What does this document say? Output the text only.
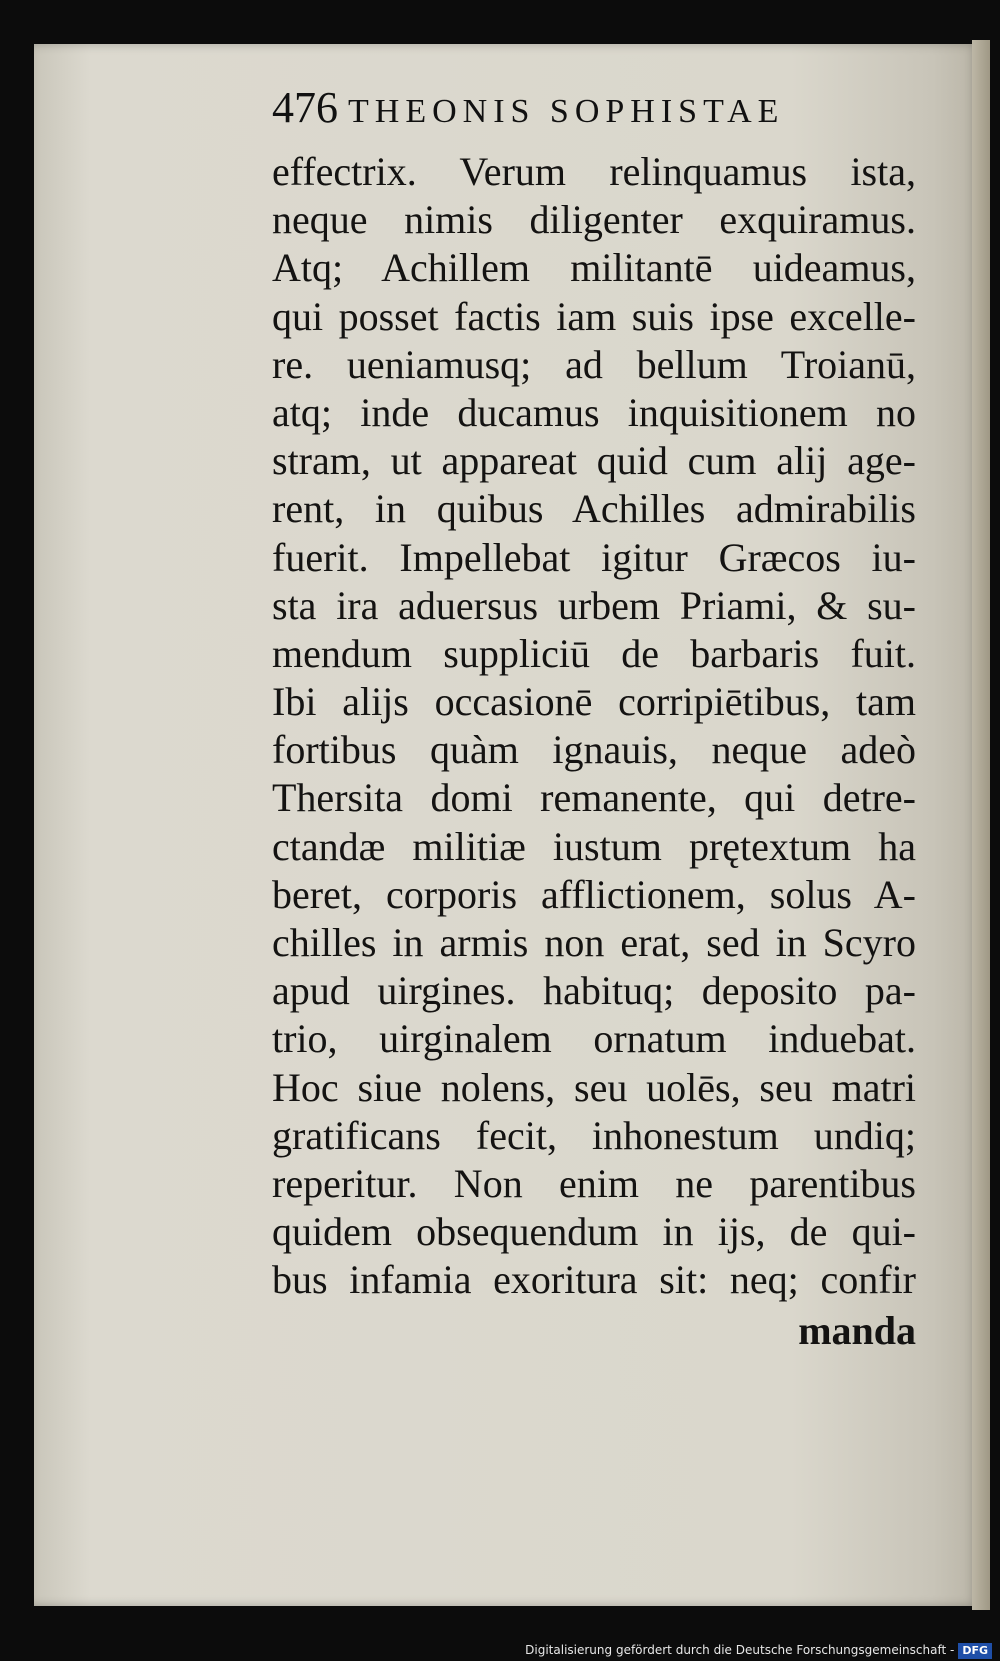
476 THEONIS SOPHISTAE
effectrix. Verum relinquamus ista,
neque nimis diligenter exquiramus.
Atq; Achillem militantē uideamus,
qui posset factis iam suis ipse excelle-
re. ueniamusq; ad bellum Troianū,
atq; inde ducamus inquisitionem no
stram, ut appareat quid cum alij age-
rent, in quibus Achilles admirabilis
fuerit. Impellebat igitur Græcos iu-
sta ira aduersus urbem Priami, & su-
mendum suppliciū de barbaris fuit.
Ibi alijs occasionē corripiētibus, tam
fortibus quàm ignauis, neque adeò
Thersita domi remanente, qui detre-
ctandæ militiæ iustum prętextum ha
beret, corporis afflictionem, solus A-
chilles in armis non erat, sed in Scyro
apud uirgines. habituq; deposito pa-
trio, uirginalem ornatum induebat.
Hoc siue nolens, seu uolēs, seu matri
gratificans fecit, inhonestum undiq;
reperitur. Non enim ne parentibus
quidem obsequendum in ijs, de qui-
bus infamia exoritura sit: neq; confir
manda
Digitalisierung gefördert durch die Deutsche Forschungsgemeinschaft - DFG
